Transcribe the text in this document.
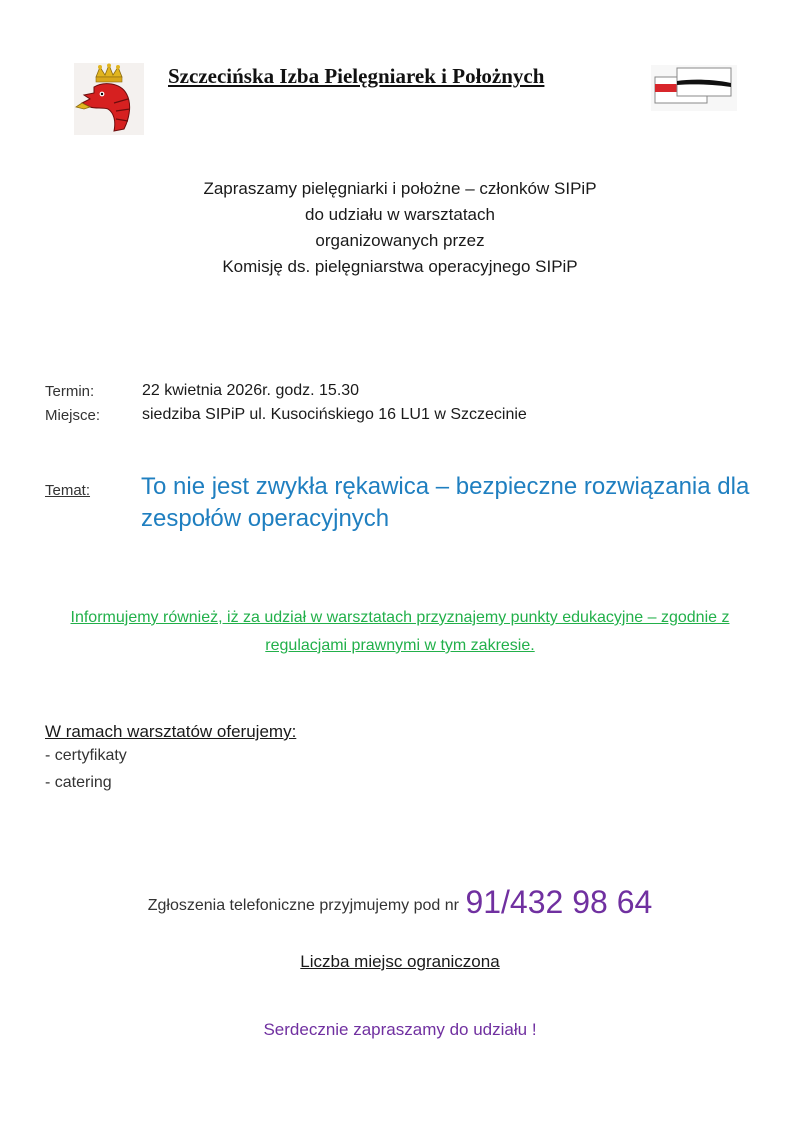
Szczecińska Izba Pielęgniarek i Położnych
Zapraszamy pielęgniarki i położne – członków SIPiP
do udziału w warsztatach
organizowanych przez
Komisję ds. pielęgniarstwa operacyjnego SIPiP
Termin:	22 kwietnia 2026r. godz. 15.30
Miejsce:	siedziba SIPiP ul. Kusocińskiego 16 LU1 w Szczecinie
Temat: To nie jest zwykła rękawica – bezpieczne rozwiązania dla zespołów operacyjnych
Informujemy również, iż za udział w warsztatach przyznajemy punkty edukacyjne – zgodnie z regulacjami prawnymi w tym zakresie.
W ramach warsztatów oferujemy:
- certyfikaty
- catering
Zgłoszenia telefoniczne przyjmujemy pod nr 91/432 98 64
Liczba miejsc ograniczona
Serdecznie zapraszamy do udziału !
